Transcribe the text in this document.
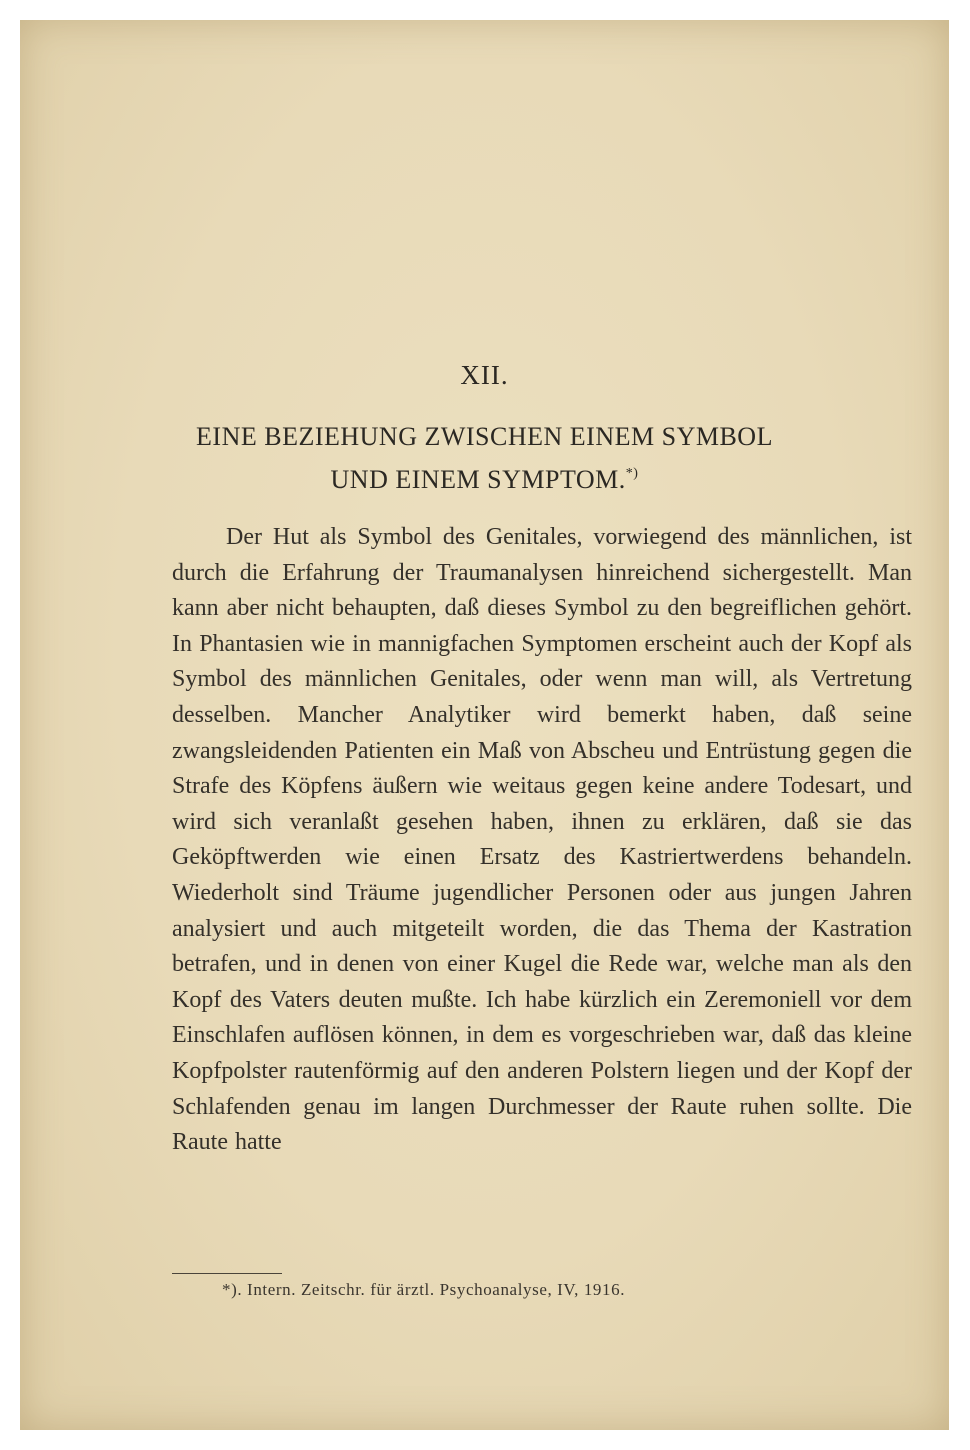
XII.
EINE BEZIEHUNG ZWISCHEN EINEM SYMBOL
UND EINEM SYMPTOM.*)

Der Hut als Symbol des Genitales, vorwiegend des männlichen, ist durch die Erfahrung der Traumanalysen hinreichend sichergestellt. Man kann aber nicht behaupten, daß dieses Symbol zu den begreiflichen gehört. In Phantasien wie in mannigfachen Symptomen erscheint auch der Kopf als Symbol des männlichen Genitales, oder wenn man will, als Vertretung desselben. Mancher Analytiker wird bemerkt haben, daß seine zwangsleidenden Patienten ein Maß von Abscheu und Entrüstung gegen die Strafe des Köpfens äußern wie weitaus gegen keine andere Todesart, und wird sich veranlaßt gesehen haben, ihnen zu erklären, daß sie das Geköpftwerden wie einen Ersatz des Kastriertwerdens behandeln. Wiederholt sind Träume jugendlicher Personen oder aus jungen Jahren analysiert und auch mitgeteilt worden, die das Thema der Kastration betrafen, und in denen von einer Kugel die Rede war, welche man als den Kopf des Vaters deuten mußte. Ich habe kürzlich ein Zeremoniell vor dem Einschlafen auflösen können, in dem es vorgeschrieben war, daß das kleine Kopfpolster rautenförmig auf den anderen Polstern liegen und der Kopf der Schlafenden genau im langen Durchmesser der Raute ruhen sollte. Die Raute hatte

*). Intern. Zeitschr. für ärztl. Psychoanalyse, IV, 1916.
